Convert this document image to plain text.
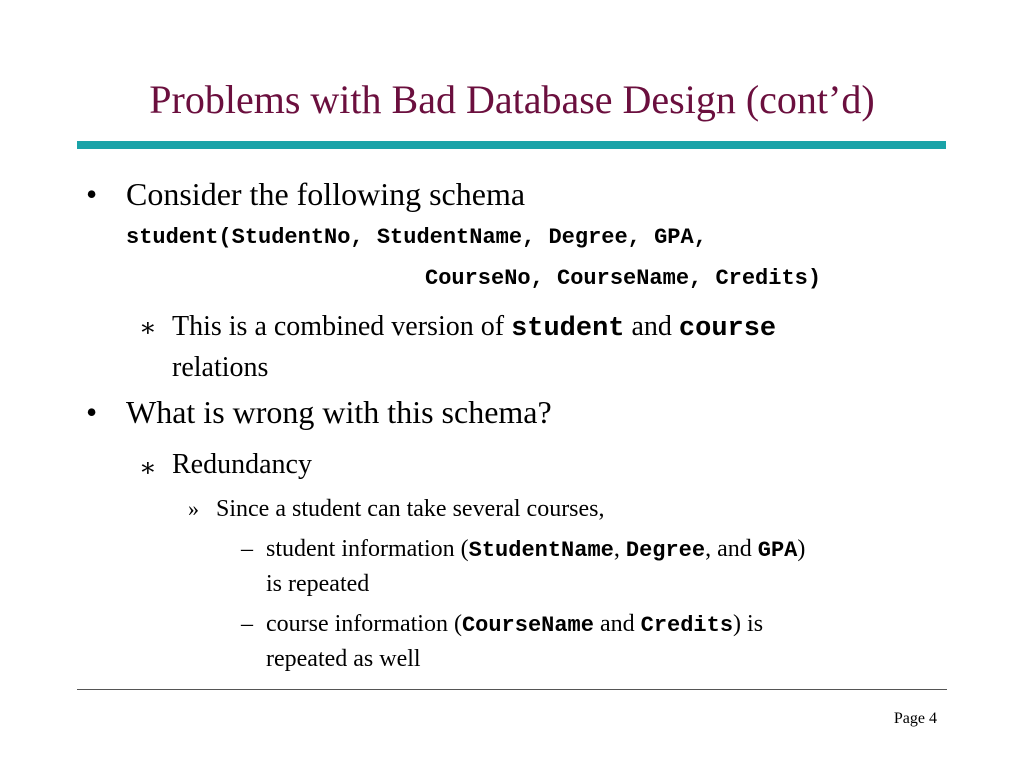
Problems with Bad Database Design (cont’d)
• Consider the following schema
student(StudentNo, StudentName, Degree, GPA,
CourseNo, CourseName, Credits)
∗ This is a combined version of student and course
relations
• What is wrong with this schema?
∗ Redundancy
» Since a student can take several courses,
– student information (StudentName, Degree, and GPA)
is repeated
– course information (CourseName and Credits) is
repeated as well
Page 4
